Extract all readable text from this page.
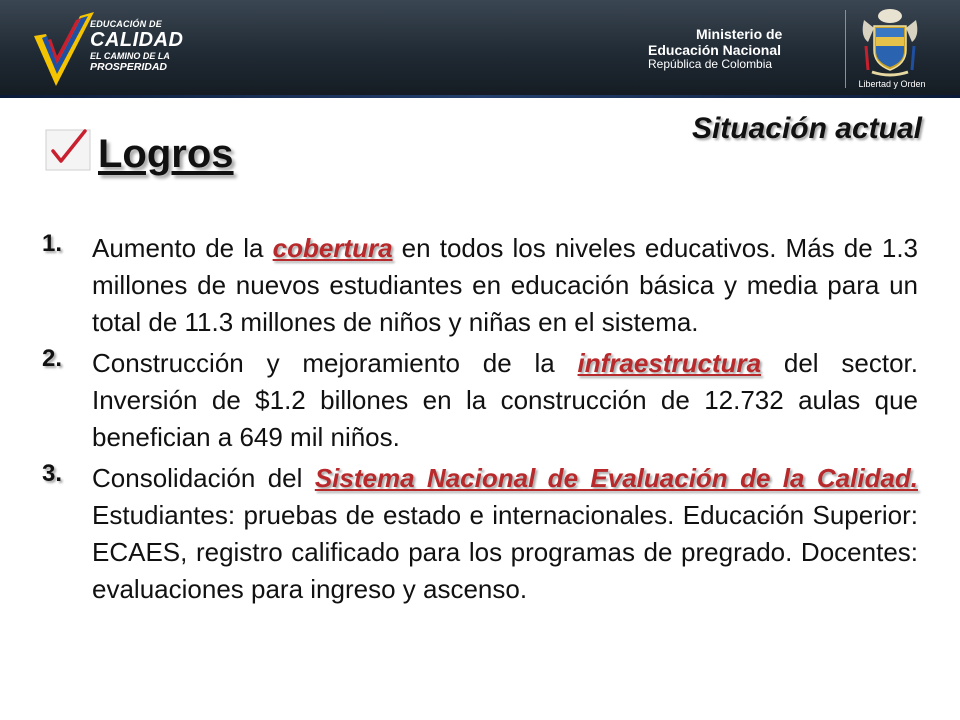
EDUCACIÓN DE
CALIDAD
EL CAMINO DE LA
PROSPERIDAD
Ministerio de
Educación Nacional
República de Colombia
Libertad y Orden
Situación actual
Logros
1. Aumento de la cobertura en todos los niveles educativos. Más de 1.3 millones de nuevos estudiantes en educación básica y media para un total de 11.3 millones de niños y niñas en el sistema.
2. Construcción y mejoramiento de la infraestructura del sector. Inversión de $1.2 billones en la construcción de 12.732 aulas que benefician a 649 mil niños.
3. Consolidación del Sistema Nacional de Evaluación de la Calidad. Estudiantes: pruebas de estado e internacionales. Educación Superior: ECAES, registro calificado para los programas de pregrado. Docentes: evaluaciones para ingreso y ascenso.
